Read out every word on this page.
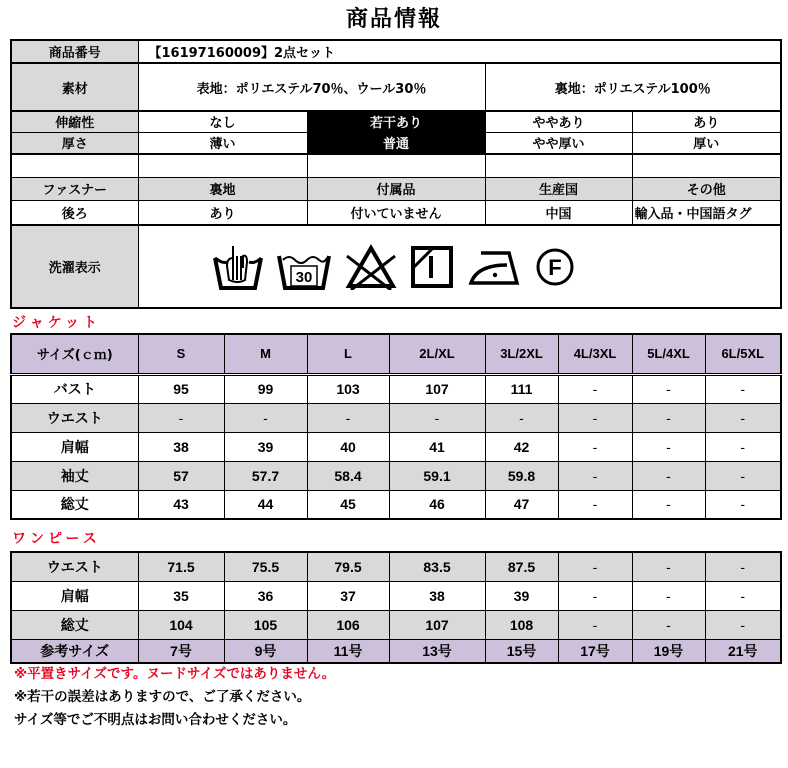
商品情報
商品番号	【16197160009】2点セット			
素材	表地：ポリエステル70％、ウール30％		裏地：ポリエステル100％	
伸縮性	なし	若干あり	ややあり	あり
厚さ	薄い	普通	やや厚い	厚い

ファスナー	裏地	付属品	生産国	その他
後ろ	あり	付いていません	中国	輸入品・中国語タグ
洗濯表示	30 F			
ジャケット
サイズ(ｃｍ)	S	M	L	2L/XL	3L/2XL	4L/3XL	5L/4XL	6L/5XL
バスト	95	99	103	107	111	-	-	-
ウエスト	-	-	-	-	-	-	-	-
肩幅	38	39	40	41	42	-	-	-
袖丈	57	57.7	58.4	59.1	59.8	-	-	-
総丈	43	44	45	46	47	-	-	-
ワンピース
ウエスト	71.5	75.5	79.5	83.5	87.5	-	-	-
肩幅	35	36	37	38	39	-	-	-
総丈	104	105	106	107	108	-	-	-
参考サイズ	7号	9号	11号	13号	15号	17号	19号	21号
※平置きサイズです。ヌードサイズではありません。
※若干の誤差はありますので、ご了承ください。
サイズ等でご不明点はお問い合わせください。
